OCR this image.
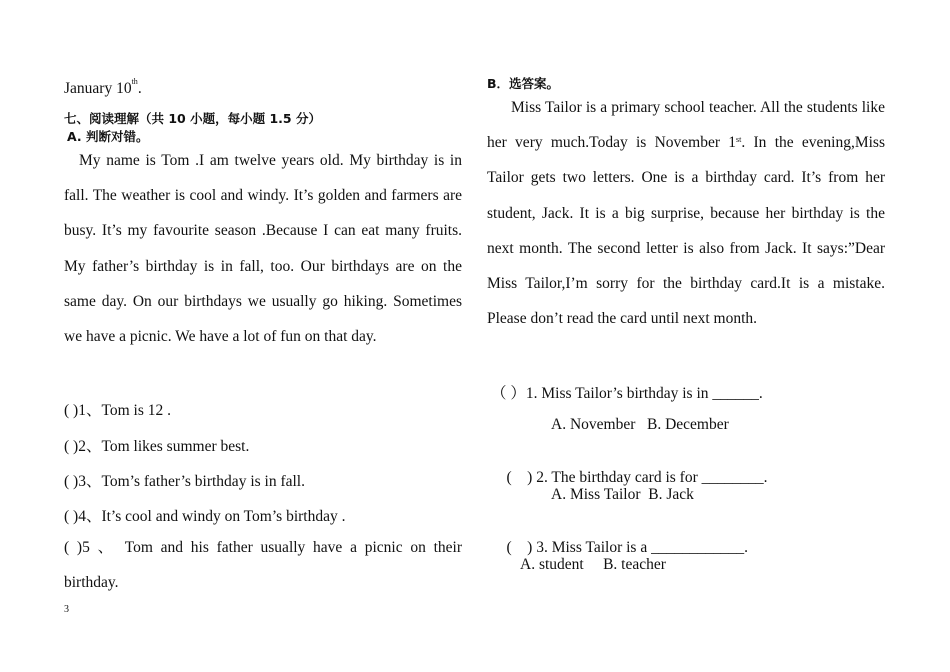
January 10th.
七、阅读理解（共 10 小题，每小题 1.5 分）
A. 判断对错。
My name is Tom .I am twelve years old. My birthday is in fall. The weather is cool and windy. It’s golden and farmers are busy. It’s my favourite season .Because I can eat many fruits. My father’s birthday is in fall, too. Our birthdays are on the same day. On our birthdays we usually go hiking. Sometimes we have a picnic. We have a lot of fun on that day.
( )1、Tom is 12 .
( )2、Tom likes summer best.
( )3、Tom’s father’s birthday is in fall.
( )4、It’s cool and windy on Tom’s birthday .
( )5 、 Tom and his father usually have a picnic on their birthday.
3
B．选答案。
Miss Tailor is a primary school teacher. All the students like her very much.Today is November 1st. In the evening,Miss Tailor gets two letters. One is a birthday card. It’s from her student, Jack. It is a big surprise, because her birthday is the next month. The second letter is also from Jack. It says:”Dear Miss Tailor,I’m sorry for the birthday card.It is a mistake. Please don’t read the card until next month.
（ ）1. Miss Tailor’s birthday is in ______.
A. November   B. December

(    ) 2. The birthday card is for ________.

A. Miss Tailor  B. Jack

(    ) 3. Miss Tailor is a ____________.

A. student     B. teacher
